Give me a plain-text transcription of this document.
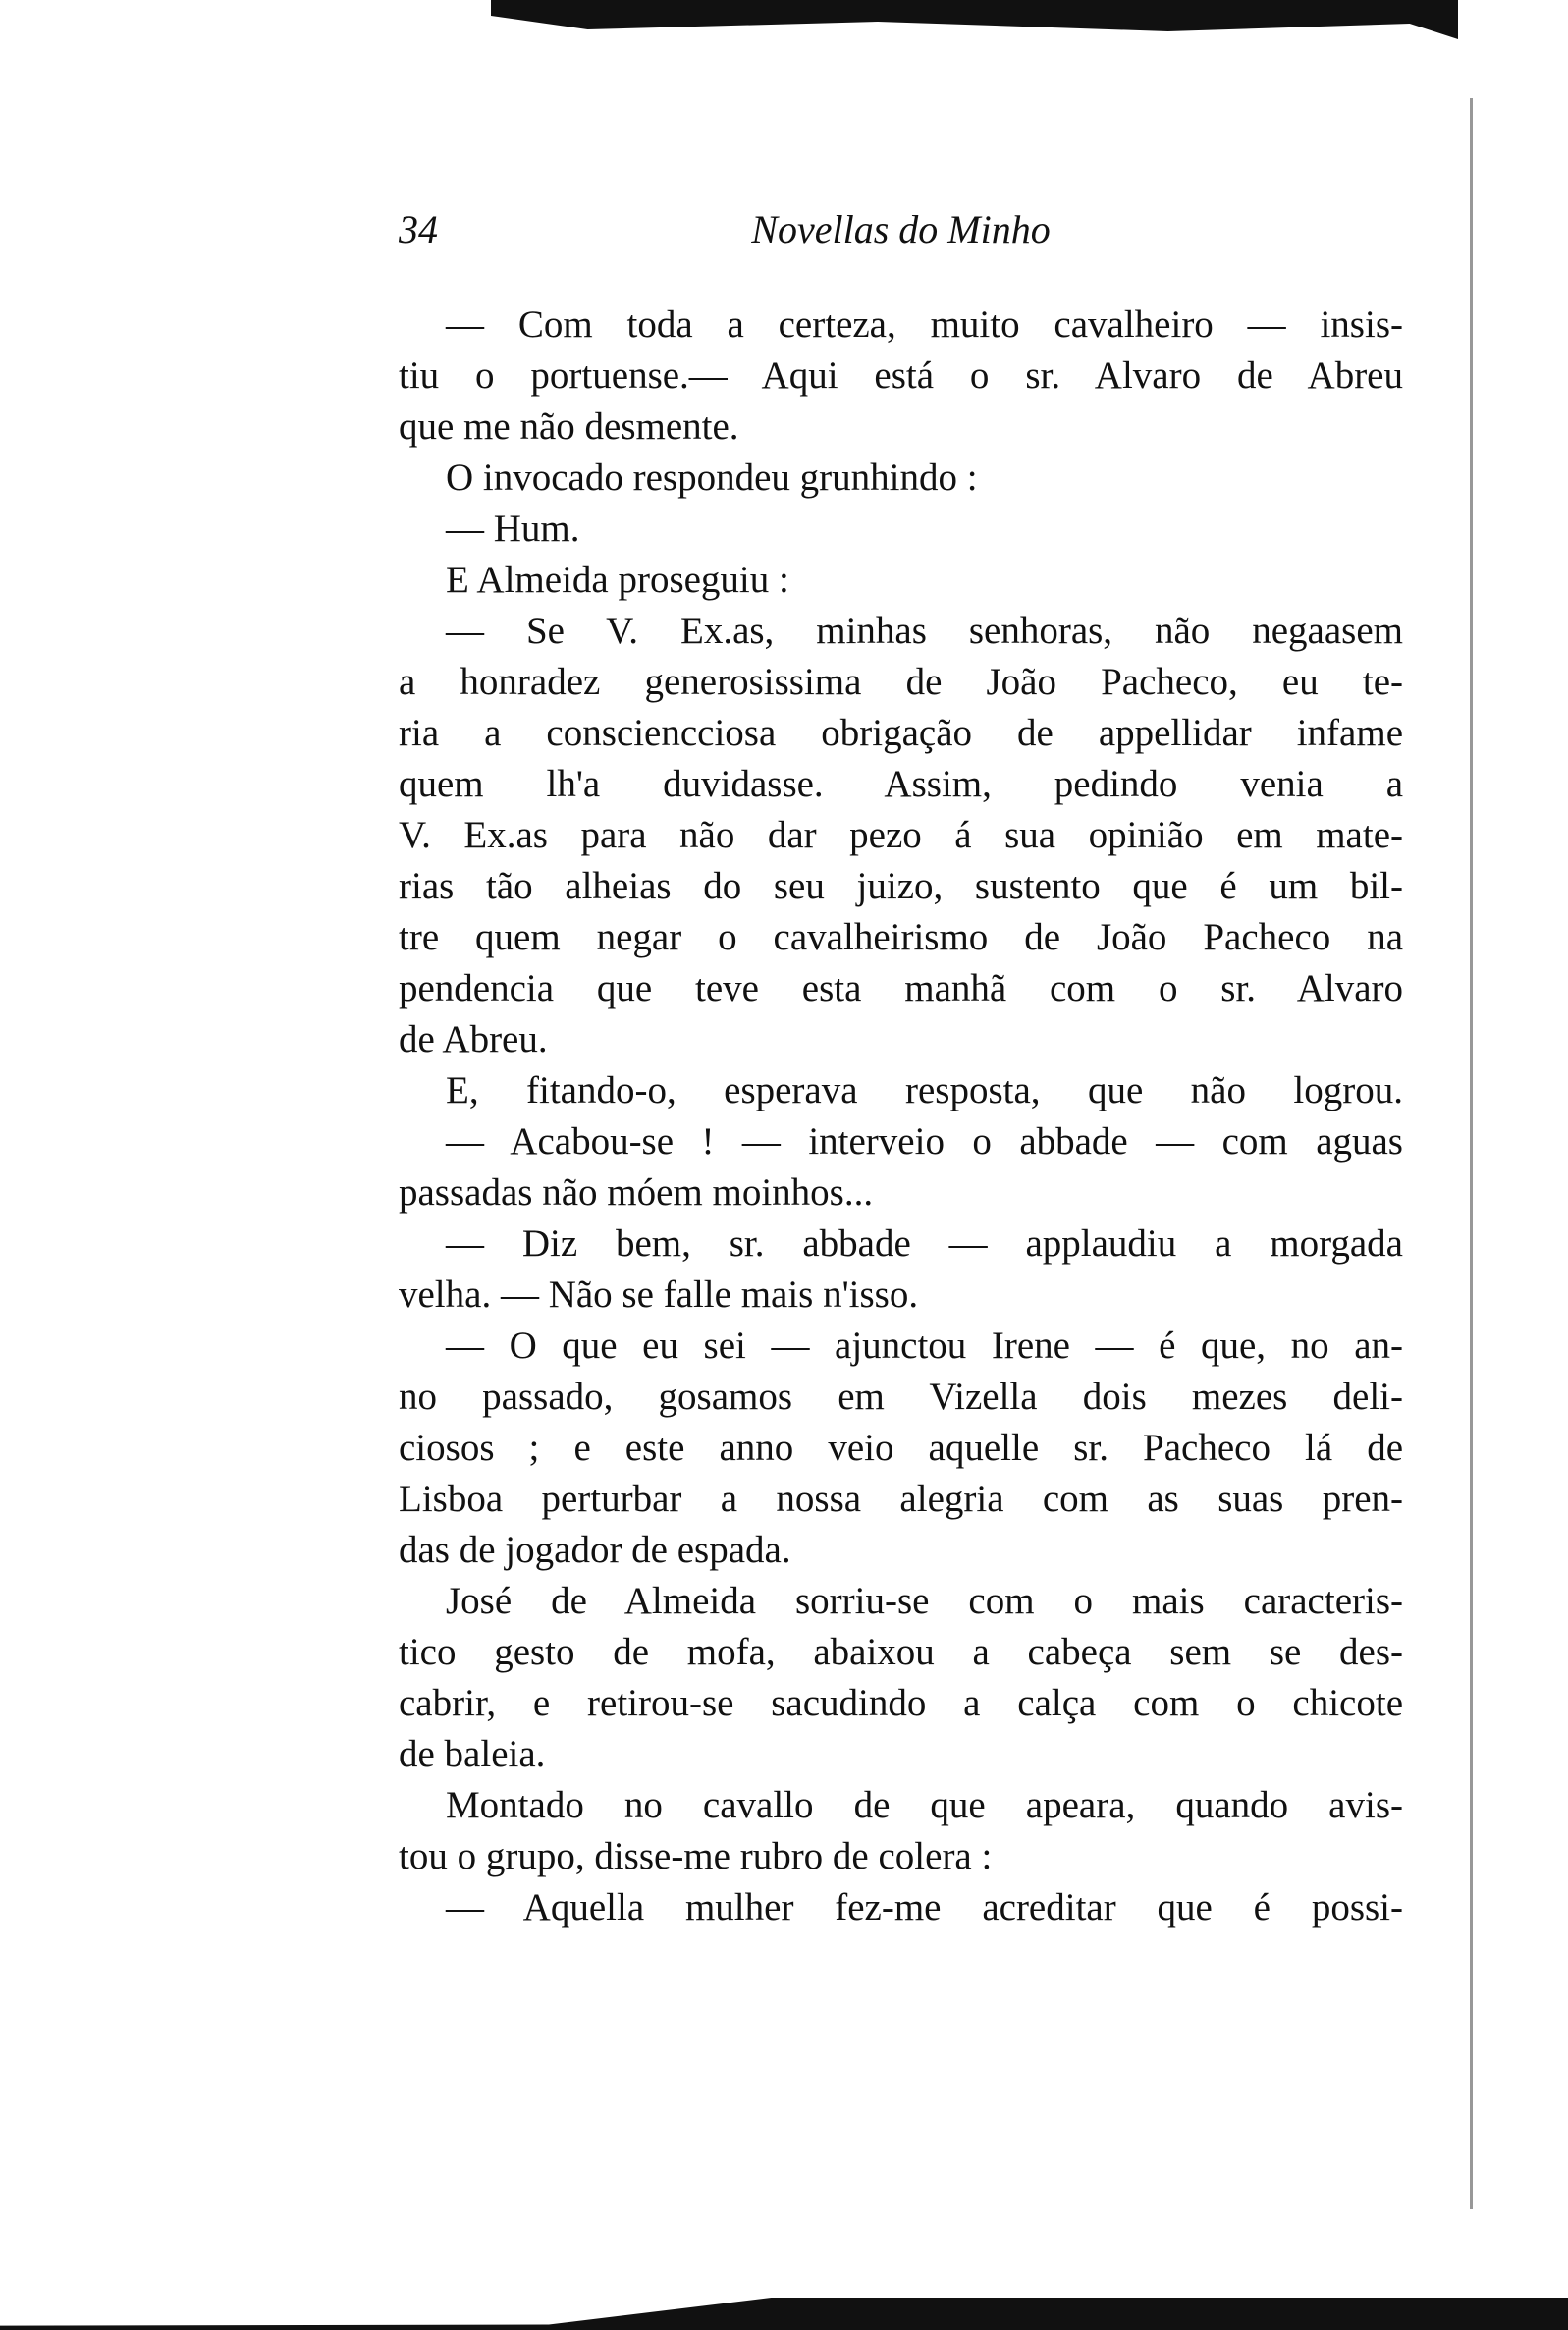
34	Novellas do Minho
— Com toda a certeza, muito cavalheiro — insis-
tiu o portuense.— Aqui está o sr. Alvaro de Abreu
que me não desmente.
O invocado respondeu grunhindo :
— Hum.
E Almeida proseguiu :
— Se V. Ex.as, minhas senhoras, não negaasem
a honradez generosissima de João Pacheco, eu te-
ria a consciencciosa obrigação de appellidar infame
quem lh'a duvidasse. Assim, pedindo venia a
V. Ex.as para não dar pezo á sua opinião em mate-
rias tão alheias do seu juizo, sustento que é um bil-
tre quem negar o cavalheirismo de João Pacheco na
pendencia que teve esta manhã com o sr. Alvaro
de Abreu.
E, fitando-o, esperava resposta, que não logrou.
— Acabou-se ! — interveio o abbade — com aguas
passadas não móem moinhos...
— Diz bem, sr. abbade — applaudiu a morgada
velha. — Não se falle mais n'isso.
— O que eu sei — ajunctou Irene — é que, no an-
no passado, gosamos em Vizella dois mezes deli-
ciosos ; e este anno veio aquelle sr. Pacheco lá de
Lisboa perturbar a nossa alegria com as suas pren-
das de jogador de espada.
José de Almeida sorriu-se com o mais caracteris-
tico gesto de mofa, abaixou a cabeça sem se des-
cabrir, e retirou-se sacudindo a calça com o chicote
de baleia.
Montado no cavallo de que apeara, quando avis-
tou o grupo, disse-me rubro de colera :
— Aquella mulher fez-me acreditar que é possi-
